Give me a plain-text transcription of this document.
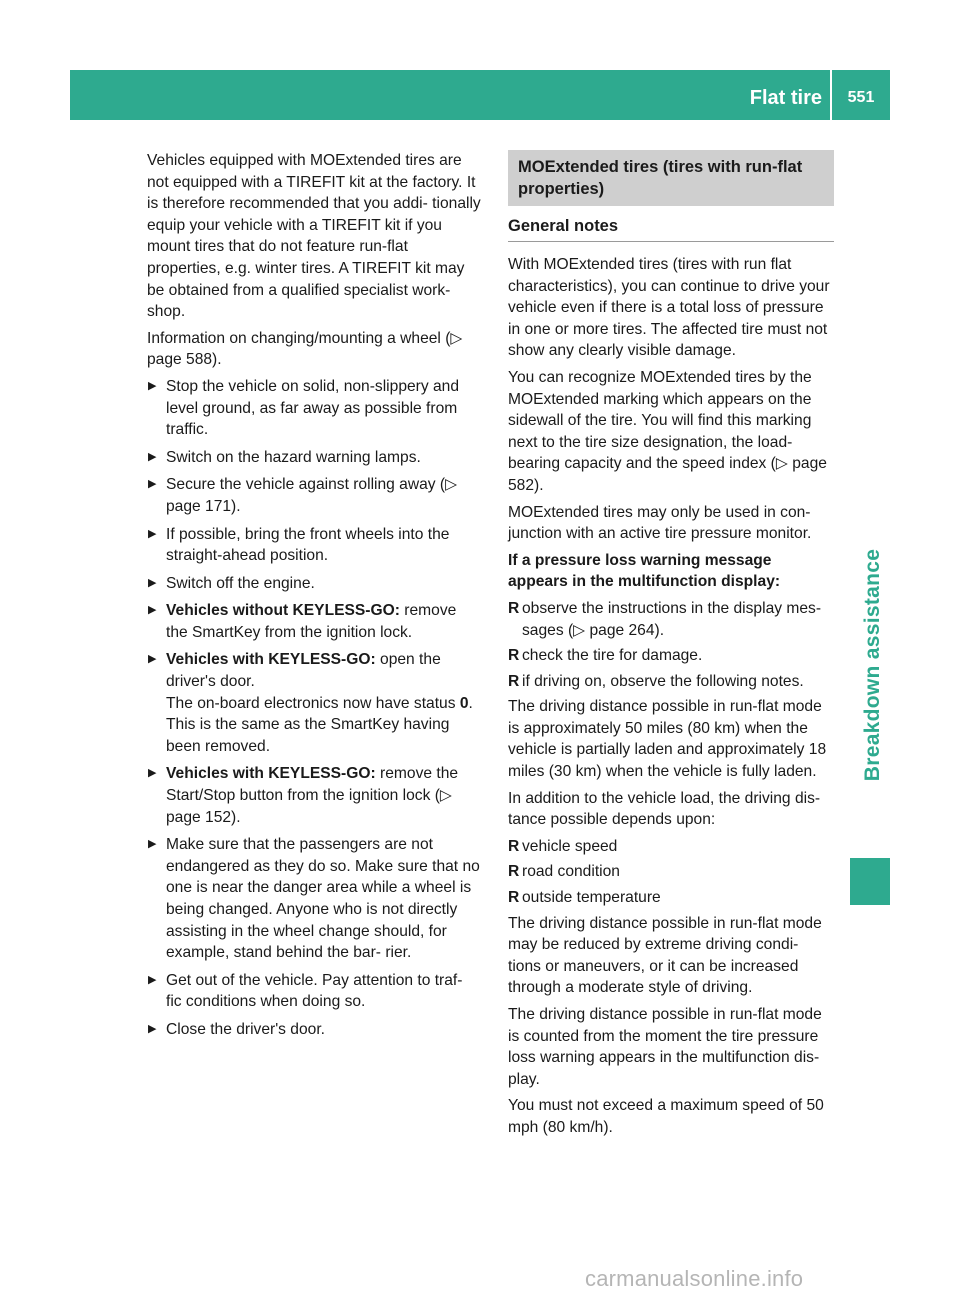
Flat tire	551
Breakdown assistance

Vehicles equipped with MOExtended tires are not equipped with a TIREFIT kit at the factory. It is therefore recommended that you addi- tionally equip your vehicle with a TIREFIT kit if you mount tires that do not feature run-flat properties, e.g. winter tires. A TIREFIT kit may be obtained from a qualified specialist work- shop.

Information on changing/mounting a wheel (▷ page 588).

▶ Stop the vehicle on solid, non-slippery and level ground, as far away as possible from traffic.
▶ Switch on the hazard warning lamps.
▶ Secure the vehicle against rolling away (▷ page 171).
▶ If possible, bring the front wheels into the straight-ahead position.
▶ Switch off the engine.
▶ Vehicles without KEYLESS-GO: remove the SmartKey from the ignition lock.
▶ Vehicles with KEYLESS-GO: open the driver's door.
The on-board electronics now have status 0. This is the same as the SmartKey having been removed.
▶ Vehicles with KEYLESS-GO: remove the Start/Stop button from the ignition lock (▷ page 152).
▶ Make sure that the passengers are not endangered as they do so. Make sure that no one is near the danger area while a wheel is being changed. Anyone who is not directly assisting in the wheel change should, for example, stand behind the bar- rier.
▶ Get out of the vehicle. Pay attention to traf- fic conditions when doing so.
▶ Close the driver's door.
MOExtended tires (tires with run-flat properties)
General notes

With MOExtended tires (tires with run flat characteristics), you can continue to drive your vehicle even if there is a total loss of pressure in one or more tires. The affected tire must not show any clearly visible damage.

You can recognize MOExtended tires by the MOExtended marking which appears on the sidewall of the tire. You will find this marking next to the tire size designation, the load- bearing capacity and the speed index (▷ page 582).

MOExtended tires may only be used in con- junction with an active tire pressure monitor.

If a pressure loss warning message appears in the multifunction display:

R observe the instructions in the display mes- sages (▷ page 264).
R check the tire for damage.
R if driving on, observe the following notes.

The driving distance possible in run-flat mode is approximately 50 miles (80 km) when the vehicle is partially laden and approximately 18 miles (30 km) when the vehicle is fully laden.

In addition to the vehicle load, the driving dis- tance possible depends upon:

R vehicle speed
R road condition
R outside temperature

The driving distance possible in run-flat mode may be reduced by extreme driving condi- tions or maneuvers, or it can be increased through a moderate style of driving.

The driving distance possible in run-flat mode is counted from the moment the tire pressure loss warning appears in the multifunction dis- play.

You must not exceed a maximum speed of 50 mph (80 km/h).

carmanualsonline.info
